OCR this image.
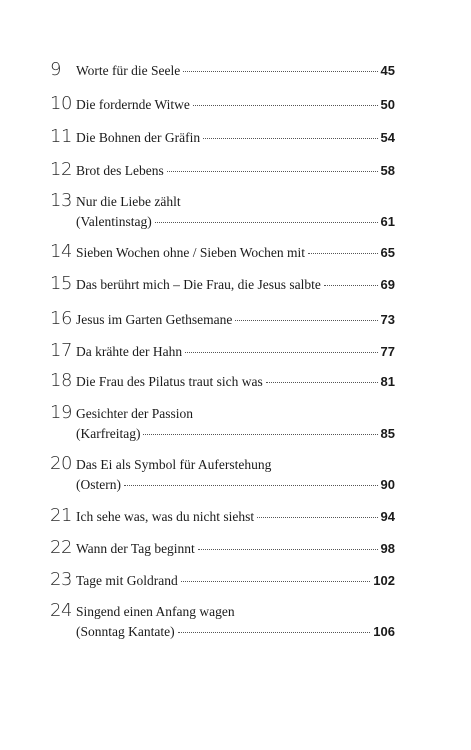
9 Worte für die Seele	45
10 Die fordernde Witwe	50
11 Die Bohnen der Gräfin	54
12 Brot des Lebens	58
13 Nur die Liebe zählt
(Valentinstag)	61
14 Sieben Wochen ohne / Sieben Wochen mit	65
15 Das berührt mich – Die Frau, die Jesus salbte	69
16 Jesus im Garten Gethsemane	73
17 Da krähte der Hahn	77
18 Die Frau des Pilatus traut sich was	81
19 Gesichter der Passion
(Karfreitag)	85
20 Das Ei als Symbol für Auferstehung
(Ostern)	90
21 Ich sehe was, was du nicht siehst	94
22 Wann der Tag beginnt	98
23 Tage mit Goldrand	102
24 Singend einen Anfang wagen
(Sonntag Kantate)	106
